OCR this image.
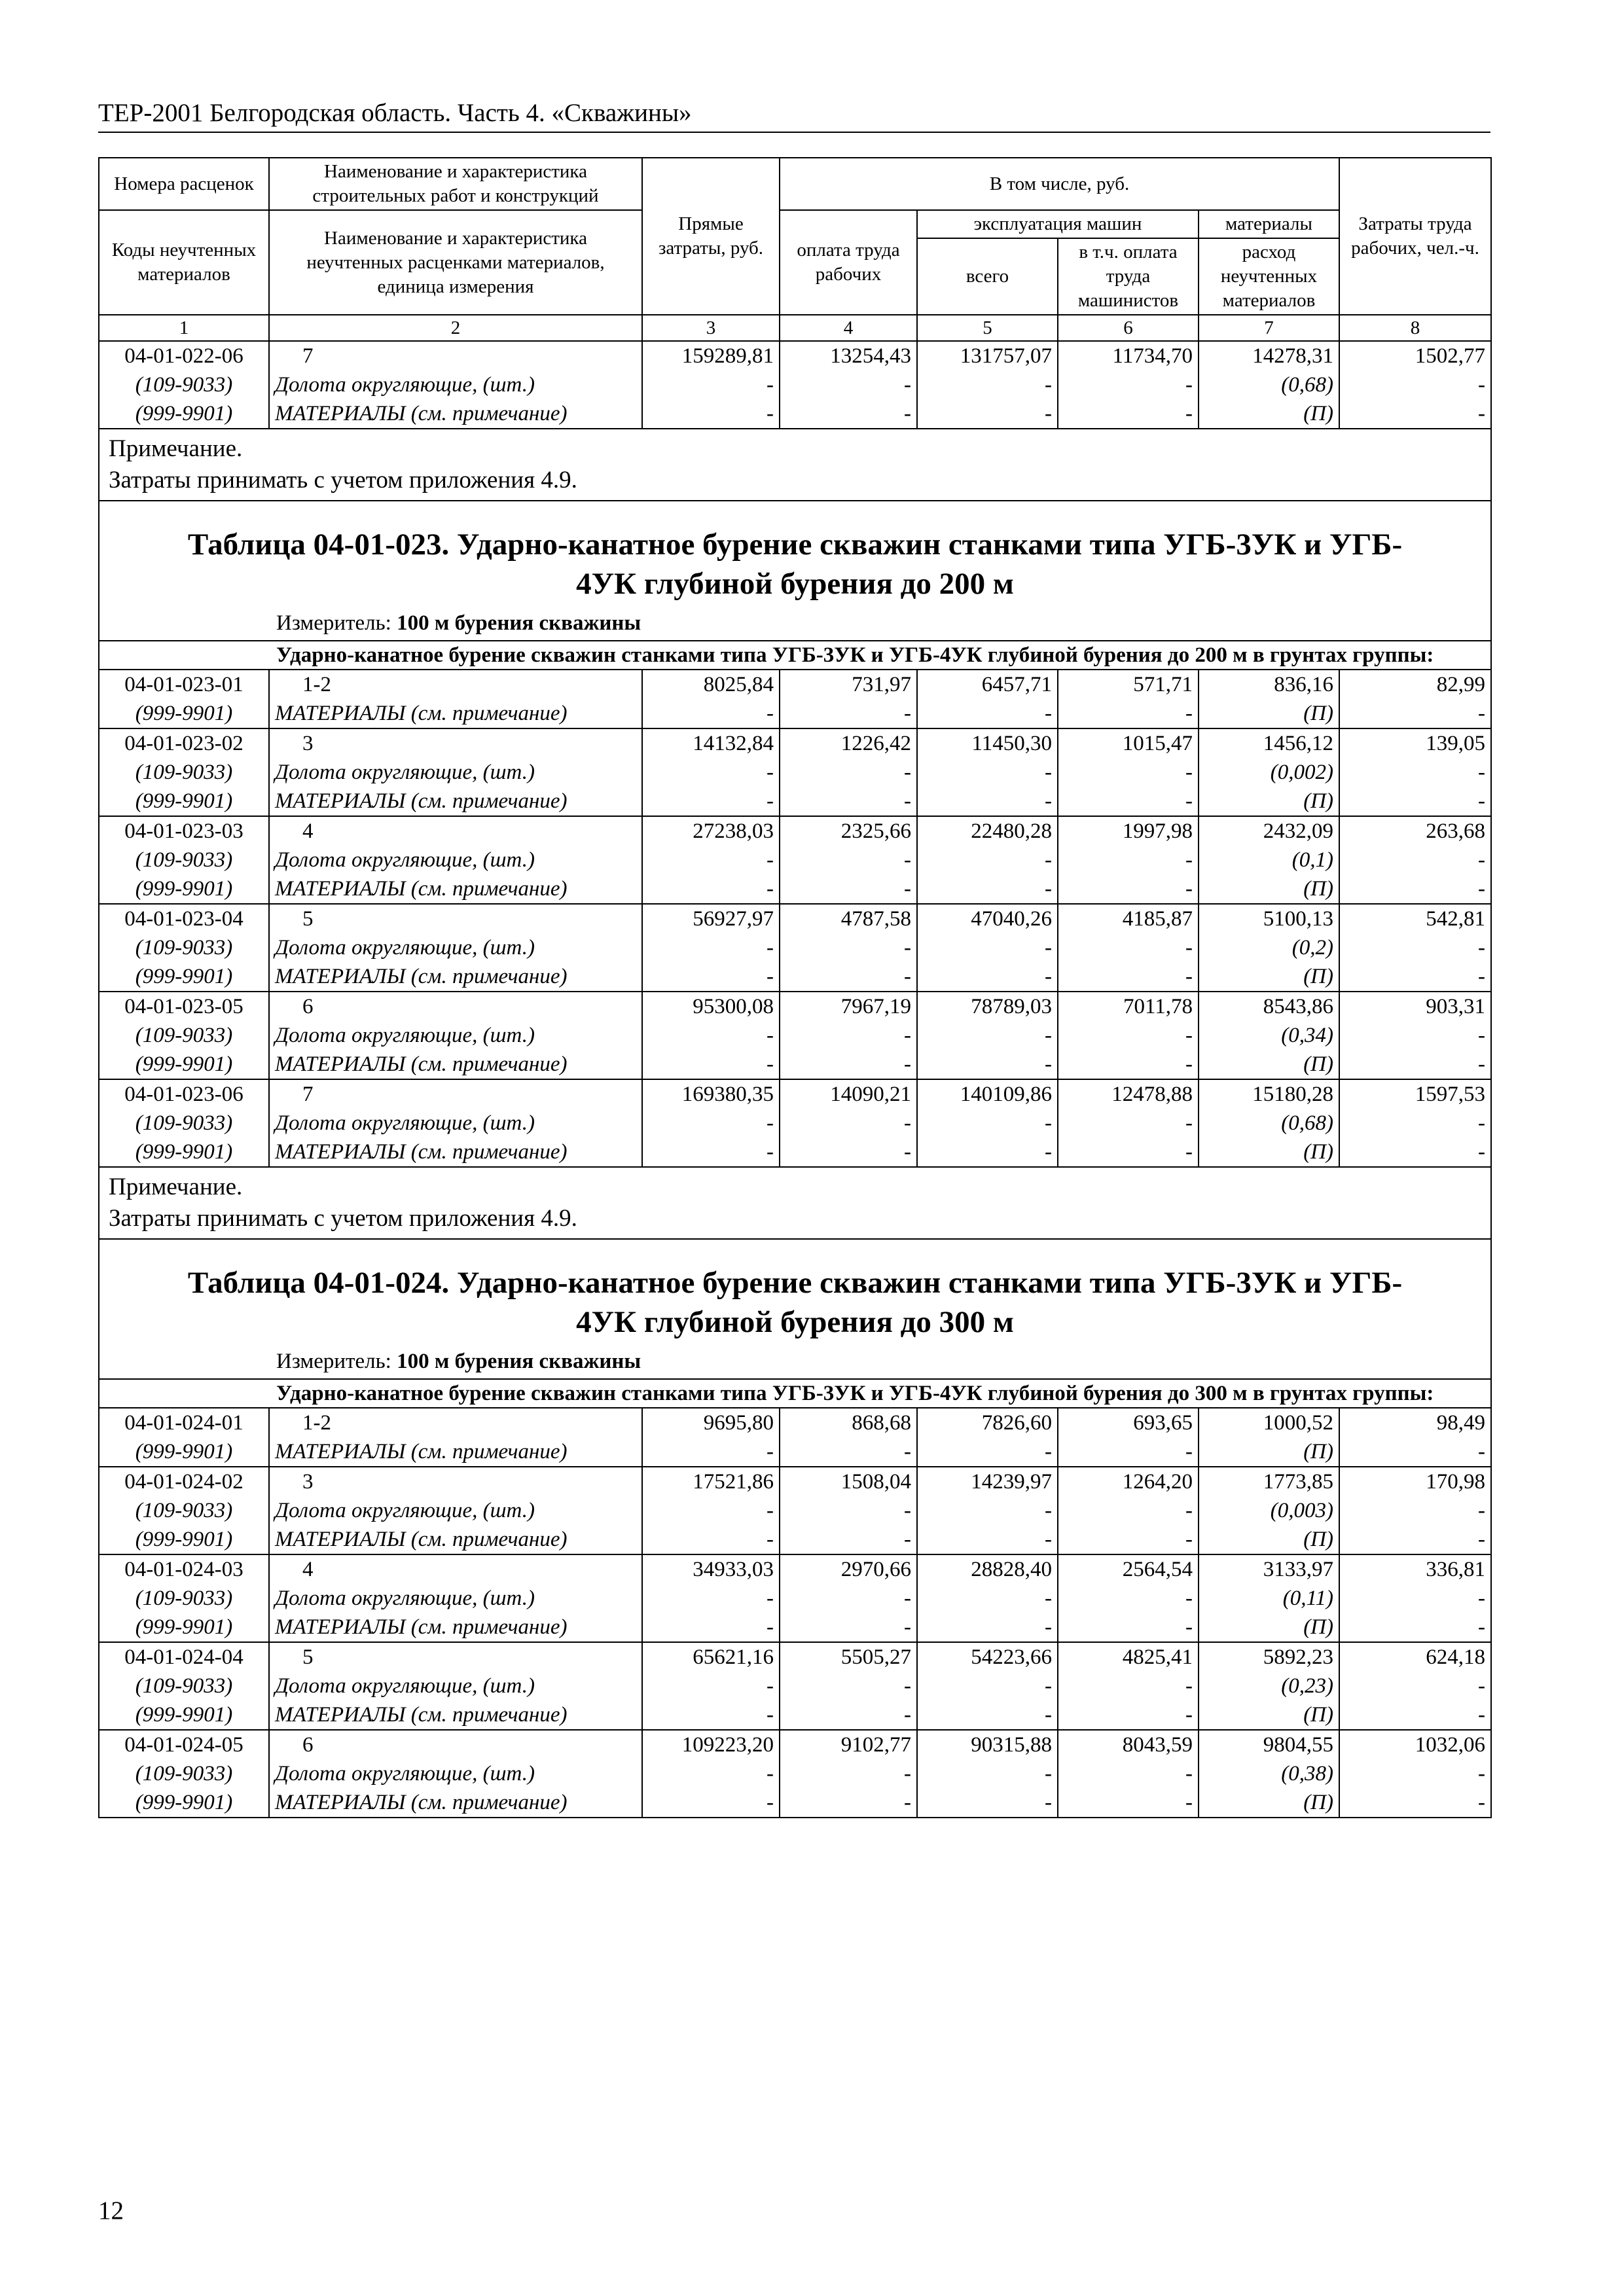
ТЕР-2001 Белгородская область. Часть 4. «Скважины»
Номера расценок	Наименование и характеристика строительных работ и конструкций	Прямые затраты, руб.	В том числе, руб.				Затраты труда рабочих, чел.-ч.
Коды неучтенных материалов	Наименование и характеристика неучтенных расценками материалов, единица измерения		оплата труда рабочих	эксплуатация машин		материалы	
				всего	в т.ч. оплата труда машинистов	расход неучтенных материалов	
1	2	3	4	5	6	7	8
04-01-022-06	7	159289,81	13254,43	131757,07	11734,70	14278,31	1502,77
(109-9033)	Долота округляющие, (шт.)	-	-	-	-	(0,68)	-
(999-9901)	МАТЕРИАЛЫ (см. примечание)	-	-	-	-	(П)	-

Примечание.
Затраты принимать с учетом приложения 4.9.							

Таблица 04-01-023. Ударно-канатное бурение скважин станками типа УГБ-3УК и УГБ-
4УК глубиной бурения до 200 м							

Измеритель: 100 м бурения скважины							
Ударно-канатное бурение скважин станками типа УГБ-3УК и УГБ-4УК глубиной бурения до 200 м в грунтах группы:							
04-01-023-01	1-2	8025,84	731,97	6457,71	571,71	836,16	82,99
(999-9901)	МАТЕРИАЛЫ (см. примечание)	-	-	-	-	(П)	-
04-01-023-02	3	14132,84	1226,42	11450,30	1015,47	1456,12	139,05
(109-9033)	Долота округляющие, (шт.)	-	-	-	-	(0,002)	-
(999-9901)	МАТЕРИАЛЫ (см. примечание)	-	-	-	-	(П)	-
04-01-023-03	4	27238,03	2325,66	22480,28	1997,98	2432,09	263,68
(109-9033)	Долота округляющие, (шт.)	-	-	-	-	(0,1)	-
(999-9901)	МАТЕРИАЛЫ (см. примечание)	-	-	-	-	(П)	-
04-01-023-04	5	56927,97	4787,58	47040,26	4185,87	5100,13	542,81
(109-9033)	Долота округляющие, (шт.)	-	-	-	-	(0,2)	-
(999-9901)	МАТЕРИАЛЫ (см. примечание)	-	-	-	-	(П)	-
04-01-023-05	6	95300,08	7967,19	78789,03	7011,78	8543,86	903,31
(109-9033)	Долота округляющие, (шт.)	-	-	-	-	(0,34)	-
(999-9901)	МАТЕРИАЛЫ (см. примечание)	-	-	-	-	(П)	-
04-01-023-06	7	169380,35	14090,21	140109,86	12478,88	15180,28	1597,53
(109-9033)	Долота округляющие, (шт.)	-	-	-	-	(0,68)	-
(999-9901)	МАТЕРИАЛЫ (см. примечание)	-	-	-	-	(П)	-

Примечание.
Затраты принимать с учетом приложения 4.9.							

Таблица 04-01-024. Ударно-канатное бурение скважин станками типа УГБ-3УК и УГБ-
4УК глубиной бурения до 300 м							

Измеритель: 100 м бурения скважины							
Ударно-канатное бурение скважин станками типа УГБ-3УК и УГБ-4УК глубиной бурения до 300 м в грунтах группы:							
04-01-024-01	1-2	9695,80	868,68	7826,60	693,65	1000,52	98,49
(999-9901)	МАТЕРИАЛЫ (см. примечание)	-	-	-	-	(П)	-
04-01-024-02	3	17521,86	1508,04	14239,97	1264,20	1773,85	170,98
(109-9033)	Долота округляющие, (шт.)	-	-	-	-	(0,003)	-
(999-9901)	МАТЕРИАЛЫ (см. примечание)	-	-	-	-	(П)	-
04-01-024-03	4	34933,03	2970,66	28828,40	2564,54	3133,97	336,81
(109-9033)	Долота округляющие, (шт.)	-	-	-	-	(0,11)	-
(999-9901)	МАТЕРИАЛЫ (см. примечание)	-	-	-	-	(П)	-
04-01-024-04	5	65621,16	5505,27	54223,66	4825,41	5892,23	624,18
(109-9033)	Долота округляющие, (шт.)	-	-	-	-	(0,23)	-
(999-9901)	МАТЕРИАЛЫ (см. примечание)	-	-	-	-	(П)	-
04-01-024-05	6	109223,20	9102,77	90315,88	8043,59	9804,55	1032,06
(109-9033)	Долота округляющие, (шт.)	-	-	-	-	(0,38)	-
(999-9901)	МАТЕРИАЛЫ (см. примечание)	-	-	-	-	(П)	-
12
